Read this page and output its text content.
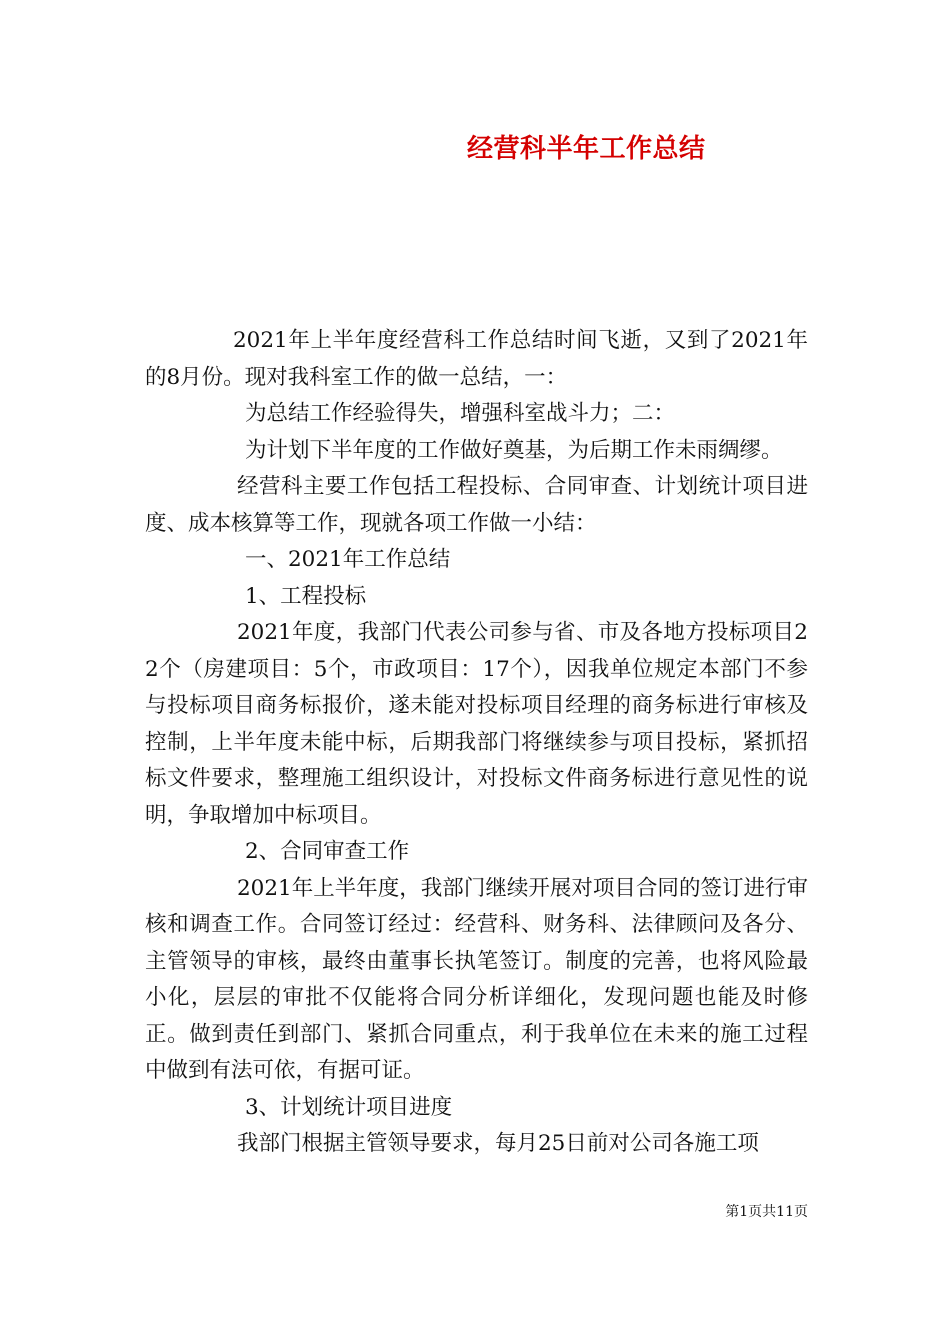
经营科半年工作总结

2021年上半年度经营科工作总结时间飞逝，又到了2021年的8月份。现对我科室工作的做一总结，一：

为总结工作经验得失，增强科室战斗力；二：

为计划下半年度的工作做好奠基，为后期工作未雨绸缪。

经营科主要工作包括工程投标、合同审查、计划统计项目进度、成本核算等工作，现就各项工作做一小结：

一、2021年工作总结

1、工程投标

2021年度，我部门代表公司参与省、市及各地方投标项目22个（房建项目：5个，市政项目：17个），因我单位规定本部门不参与投标项目商务标报价，遂未能对投标项目经理的商务标进行审核及控制，上半年度未能中标，后期我部门将继续参与项目投标，紧抓招标文件要求，整理施工组织设计，对投标文件商务标进行意见性的说明，争取增加中标项目。

2、合同审查工作

2021年上半年度，我部门继续开展对项目合同的签订进行审核和调查工作。合同签订经过：经营科、财务科、法律顾问及各分、主管领导的审核，最终由董事长执笔签订。制度的完善，也将风险最小化，层层的审批不仅能将合同分析详细化，发现问题也能及时修正。做到责任到部门、紧抓合同重点，利于我单位在未来的施工过程中做到有法可依，有据可证。

3、计划统计项目进度

我部门根据主管领导要求，每月25日前对公司各施工项

第1页共11页
